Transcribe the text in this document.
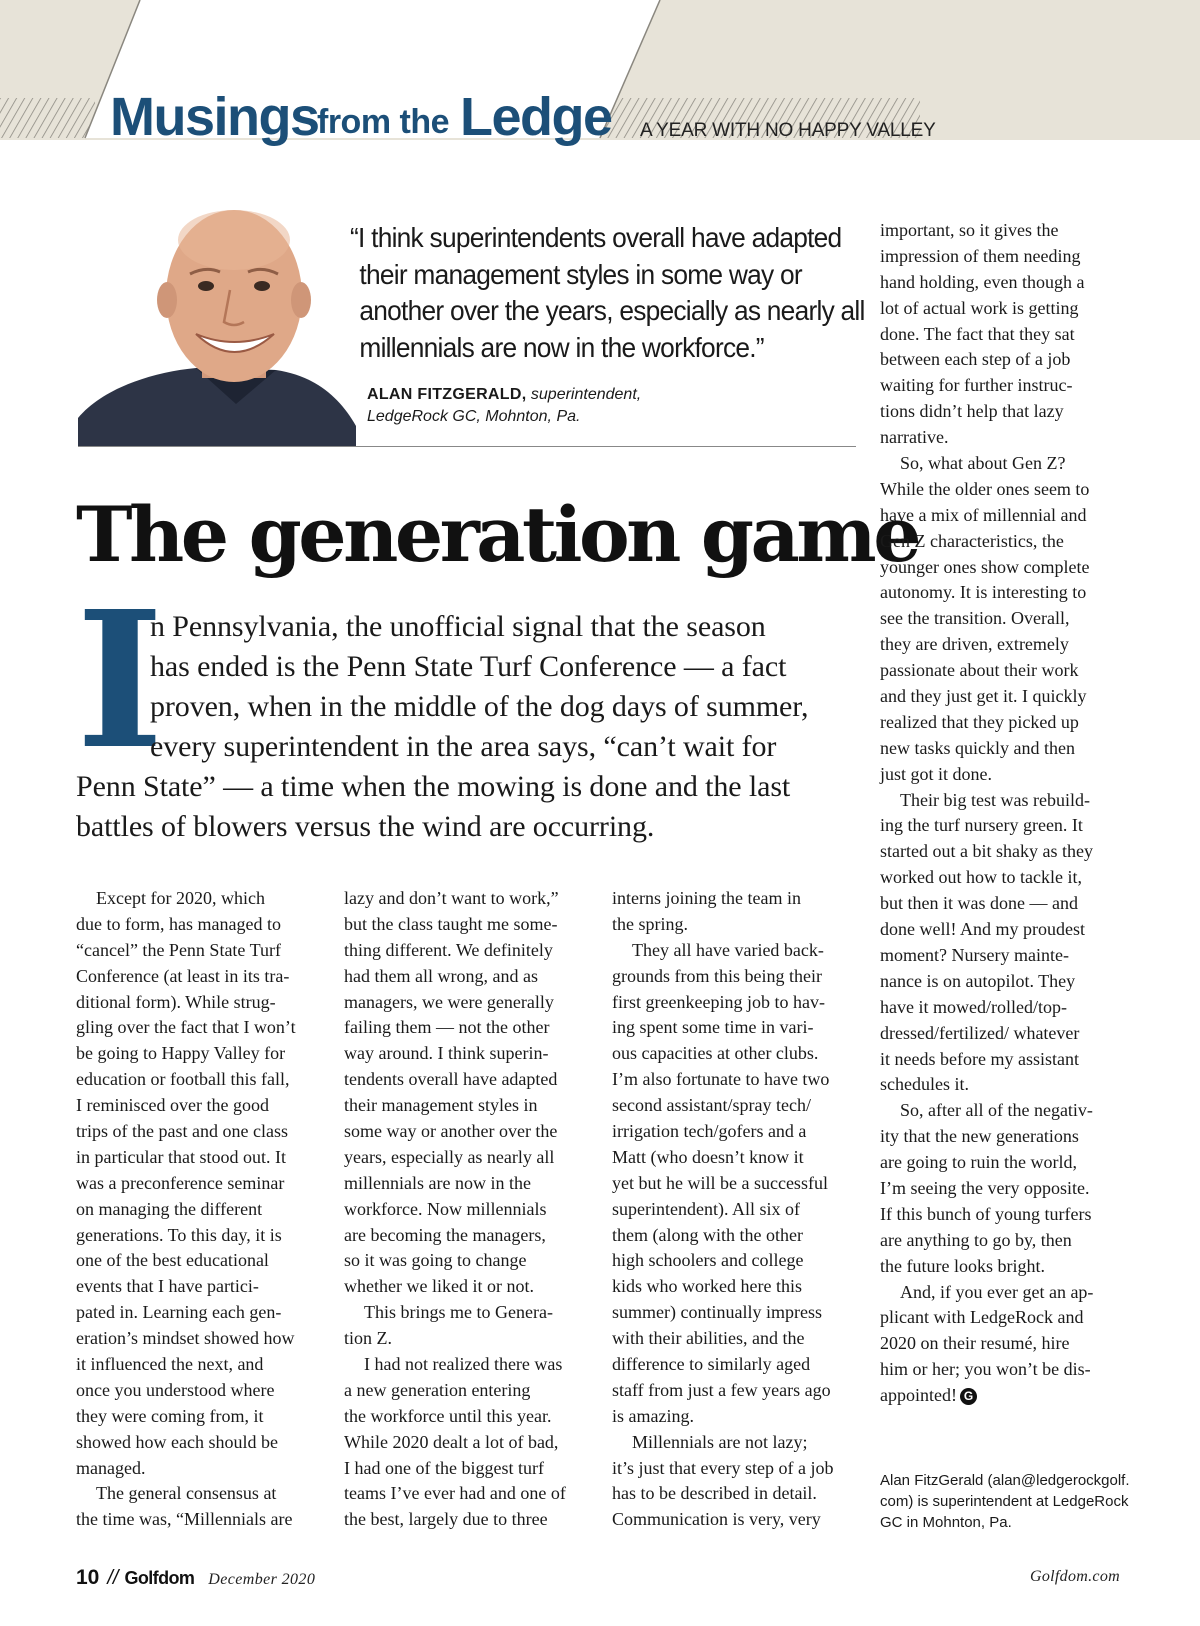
Musings
from the Ledge A YEAR WITH NO HAPPY VALLEY
“I think superintendents overall have adapted
their management styles in some way or
another over the years, especially as nearly all
millennials are now in the workforce.”
ALAN FITZGERALD, superintendent,
LedgeRock GC, Mohnton, Pa.
The generation game
I
n Pennsylvania, the unofficial signal that the season
has ended is the Penn State Turf Conference — a fact
proven, when in the middle of the dog days of summer,
every superintendent in the area says, “can’t wait for
Penn State” — a time when the mowing is done and the last
battles of blowers versus the wind are occurring.
Except for 2020, which
due to form, has managed to
“cancel” the Penn State Turf
Conference (at least in its tra-
ditional form). While strug-
gling over the fact that I won’t
be going to Happy Valley for
education or football this fall,
I reminisced over the good
trips of the past and one class
in particular that stood out. It
was a preconference seminar
on managing the different
generations. To this day, it is
one of the best educational
events that I have partici-
pated in. Learning each gen-
eration’s mindset showed how
it influenced the next, and
once you understood where
they were coming from, it
showed how each should be
managed.
The general consensus at
the time was, “Millennials are
lazy and don’t want to work,”
but the class taught me some-
thing different. We definitely
had them all wrong, and as
managers, we were generally
failing them — not the other
way around. I think superin-
tendents overall have adapted
their management styles in
some way or another over the
years, especially as nearly all
millennials are now in the
workforce. Now millennials
are becoming the managers,
so it was going to change
whether we liked it or not.
This brings me to Genera-
tion Z.
I had not realized there was
a new generation entering
the workforce until this year.
While 2020 dealt a lot of bad,
I had one of the biggest turf
teams I’ve ever had and one of
the best, largely due to three
interns joining the team in
the spring.
They all have varied back-
grounds from this being their
first greenkeeping job to hav-
ing spent some time in vari-
ous capacities at other clubs.
I’m also fortunate to have two
second assistant/spray tech/
irrigation tech/gofers and a
Matt (who doesn’t know it
yet but he will be a successful
superintendent). All six of
them (along with the other
high schoolers and college
kids who worked here this
summer) continually impress
with their abilities, and the
difference to similarly aged
staff from just a few years ago
is amazing.
Millennials are not lazy;
it’s just that every step of a job
has to be described in detail.
Communication is very, very
important, so it gives the
impression of them needing
hand holding, even though a
lot of actual work is getting
done. The fact that they sat
between each step of a job
waiting for further instruc-
tions didn’t help that lazy
narrative.
So, what about Gen Z?
While the older ones seem to
have a mix of millennial and
Gen Z characteristics, the
younger ones show complete
autonomy. It is interesting to
see the transition. Overall,
they are driven, extremely
passionate about their work
and they just get it. I quickly
realized that they picked up
new tasks quickly and then
just got it done.
Their big test was rebuild-
ing the turf nursery green. It
started out a bit shaky as they
worked out how to tackle it,
but then it was done — and
done well! And my proudest
moment? Nursery mainte-
nance is on autopilot. They
have it mowed/rolled/top-
dressed/fertilized/ whatever
it needs before my assistant
schedules it.
So, after all of the negativ-
ity that the new generations
are going to ruin the world,
I’m seeing the very opposite.
If this bunch of young turfers
are anything to go by, then
the future looks bright.
And, if you ever get an ap-
plicant with LedgeRock and
2020 on their resumé, hire
him or her; you won’t be dis-
appointed! G
Alan FitzGerald (alan@ledgerockgolf.
com) is superintendent at LedgeRock
GC in Mohnton, Pa.
10 // Golfdom December 2020	Golfdom.com
